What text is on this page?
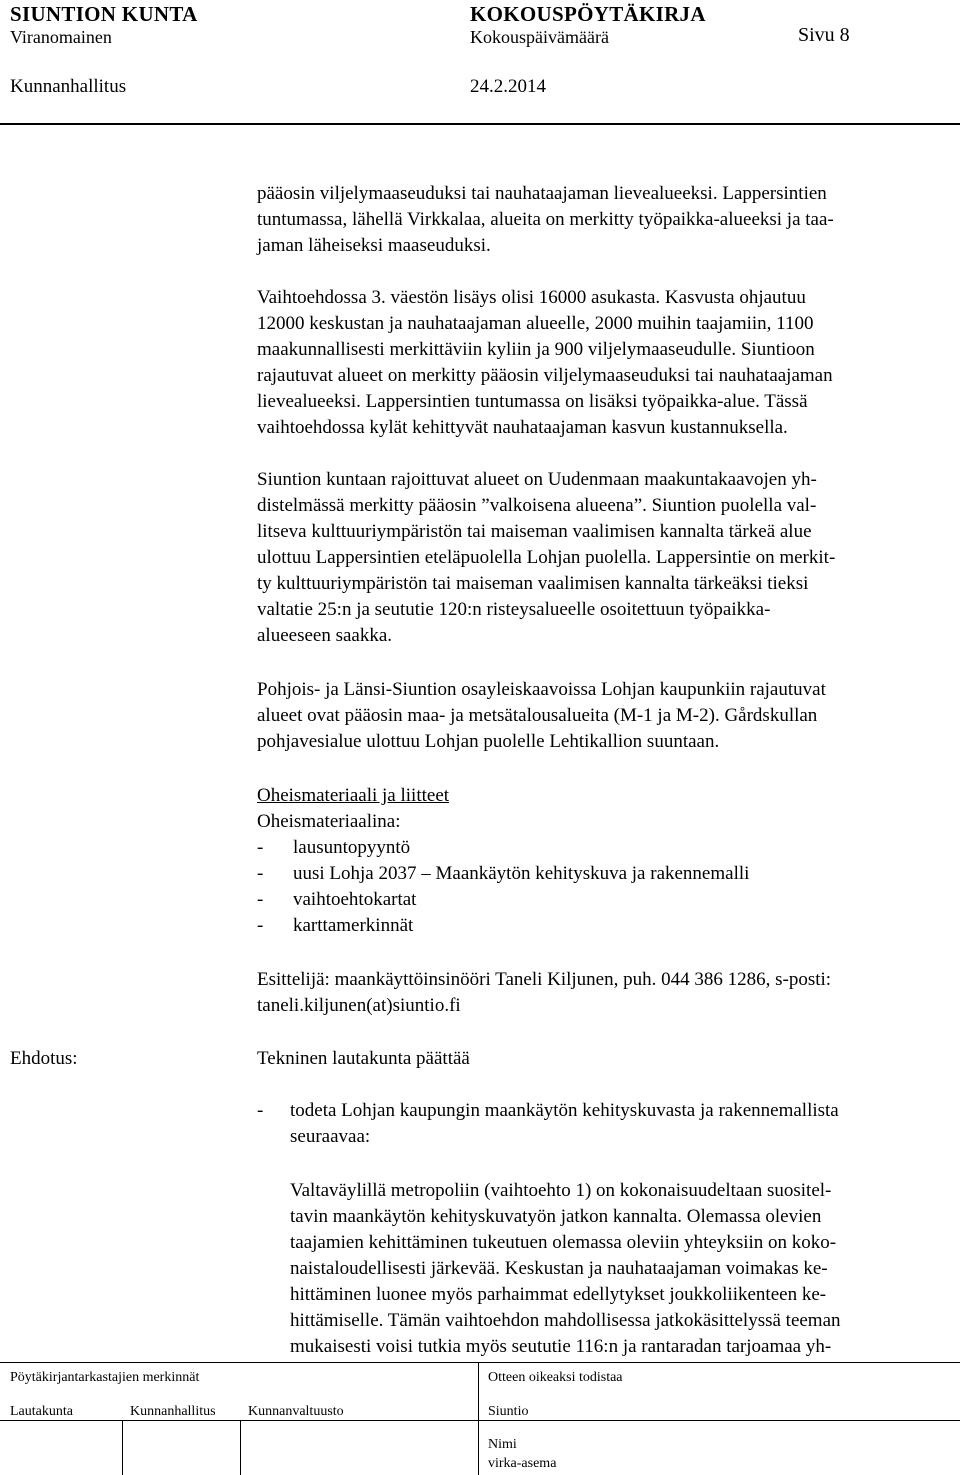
SIUNTION KUNTA	KOKOUSPÖYTÄKIRJA
Viranomainen	Kokouspäivämäärä	Sivu 8
Kunnanhallitus	24.2.2014
pääosin viljelymaaseuduksi tai nauhataajaman lievealueeksi. Lappersintien
tuntumassa, lähellä Virkkalaa, alueita on merkitty työpaikka-alueeksi ja taa-
jaman läheiseksi maaseuduksi.
Vaihtoehdossa 3. väestön lisäys olisi 16000 asukasta. Kasvusta ohjautuu
12000 keskustan ja nauhataajaman alueelle, 2000 muihin taajamiin, 1100
maakunnallisesti merkittäviin kyliin ja 900 viljelymaaseudulle. Siuntioon
rajautuvat alueet on merkitty pääosin viljelymaaseuduksi tai nauhataajaman
lievealueeksi. Lappersintien tuntumassa on lisäksi työpaikka-alue. Tässä
vaihtoehdossa kylät kehittyvät nauhataajaman kasvun kustannuksella.
Siuntion kuntaan rajoittuvat alueet on Uudenmaan maakuntakaavojen yh-
distelmässä merkitty pääosin ”valkoisena alueena”. Siuntion puolella val-
litseva kulttuuriympäristön tai maiseman vaalimisen kannalta tärkeä alue
ulottuu Lappersintien eteläpuolella Lohjan puolella. Lappersintie on merkit-
ty kulttuuriympäristön tai maiseman vaalimisen kannalta tärkeäksi tieksi
valtatie 25:n ja seututie 120:n risteysalueelle osoitettuun työpaikka-
alueeseen saakka.
Pohjois- ja Länsi-Siuntion osayleiskaavoissa Lohjan kaupunkiin rajautuvat
alueet ovat pääosin maa- ja metsätalousalueita (M-1 ja M-2). Gårdskullan
pohjavesialue ulottuu Lohjan puolelle Lehtikallion suuntaan.
Oheismateriaali ja liitteet
Oheismateriaalina:
- lausuntopyyntö
- uusi Lohja 2037 – Maankäytön kehityskuva ja rakennemalli
- vaihtoehtokartat
- karttamerkinnät
Esittelijä: maankäyttöinsinööri Taneli Kiljunen, puh. 044 386 1286, s-posti:
taneli.kiljunen(at)siuntio.fi
Ehdotus:	Tekninen lautakunta päättää
- todeta Lohjan kaupungin maankäytön kehityskuvasta ja rakennemallista
seuraavaa:
Valtaväylillä metropoliin (vaihtoehto 1) on kokonaisuudeltaan suositel-
tavin maankäytön kehityskuvatyön jatkon kannalta. Olemassa olevien
taajamien kehittäminen tukeutuen olemassa oleviin yhteyksiin on koko-
naistaloudellisesti järkevää. Keskustan ja nauhataajaman voimakas ke-
hittäminen luonee myös parhaimmat edellytykset joukkoliikenteen ke-
hittämiselle. Tämän vaihtoehdon mahdollisessa jatkokäsittelyssä teeman
mukaisesti voisi tutkia myös seututie 116:n ja rantaradan tarjoamaa yh-
Pöytäkirjantarkastajien merkinnät	Otteen oikeaksi todistaa
Lautakunta	Kunnanhallitus Kunnanvaltuusto	Siuntio
Nimi
virka-asema
